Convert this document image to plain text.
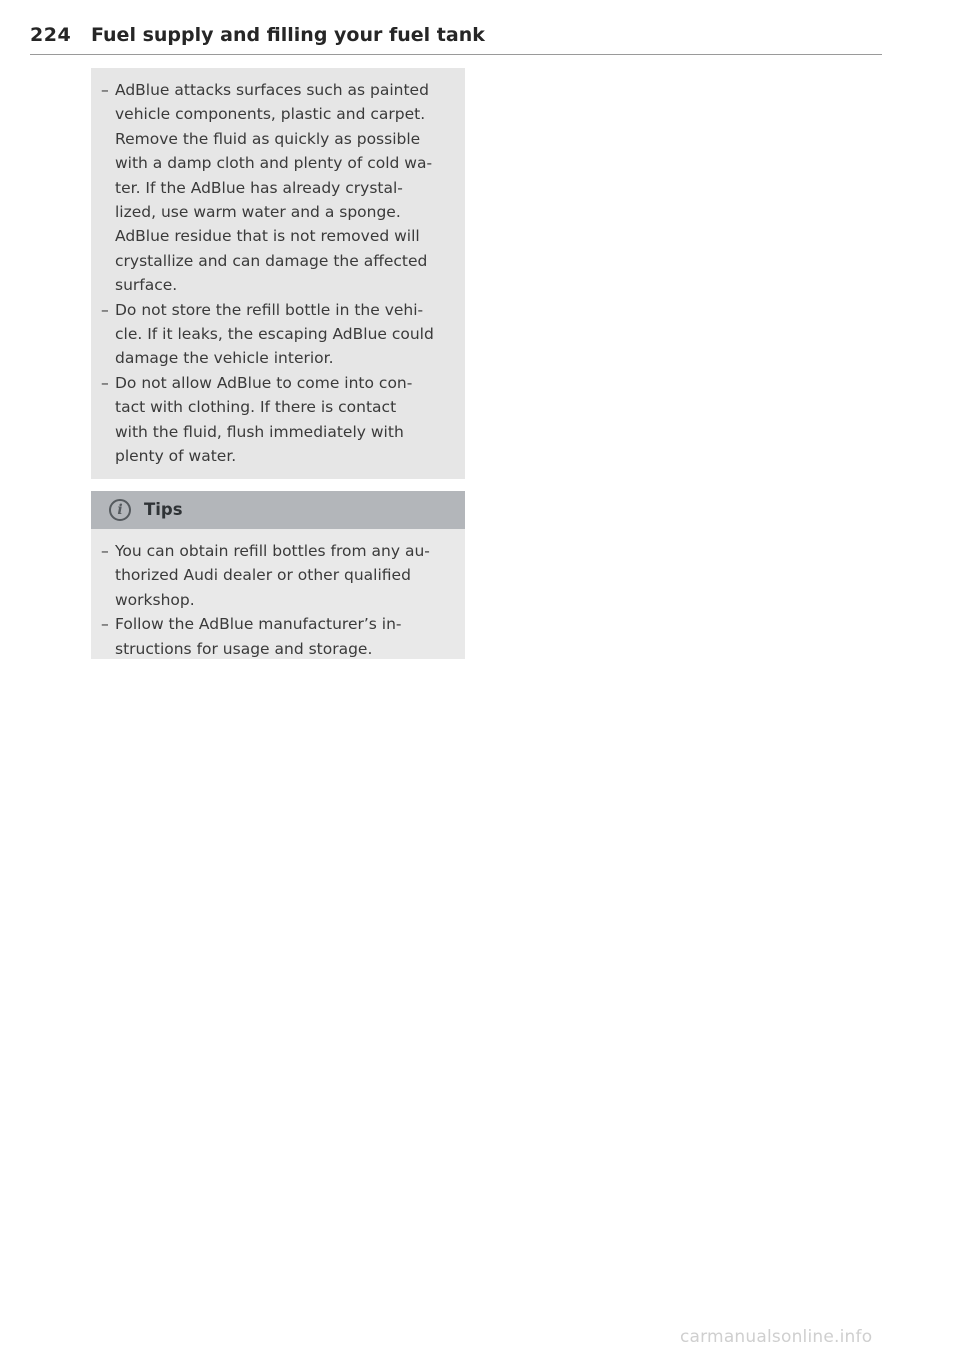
224 Fuel supply and filling your fuel tank
– AdBlue attacks surfaces such as painted
vehicle components, plastic and carpet.
Remove the fluid as quickly as possible
with a damp cloth and plenty of cold wa-
ter. If the AdBlue has already crystal-
lized, use warm water and a sponge.
AdBlue residue that is not removed will
crystallize and can damage the affected
surface.
– Do not store the refill bottle in the vehi-
cle. If it leaks, the escaping AdBlue could
damage the vehicle interior.
– Do not allow AdBlue to come into con-
tact with clothing. If there is contact
with the fluid, flush immediately with
plenty of water.
i	Tips
– You can obtain refill bottles from any au-
thorized Audi dealer or other qualified
workshop.
– Follow the AdBlue manufacturer’s in-
structions for usage and storage.
carmanualsonline.info
